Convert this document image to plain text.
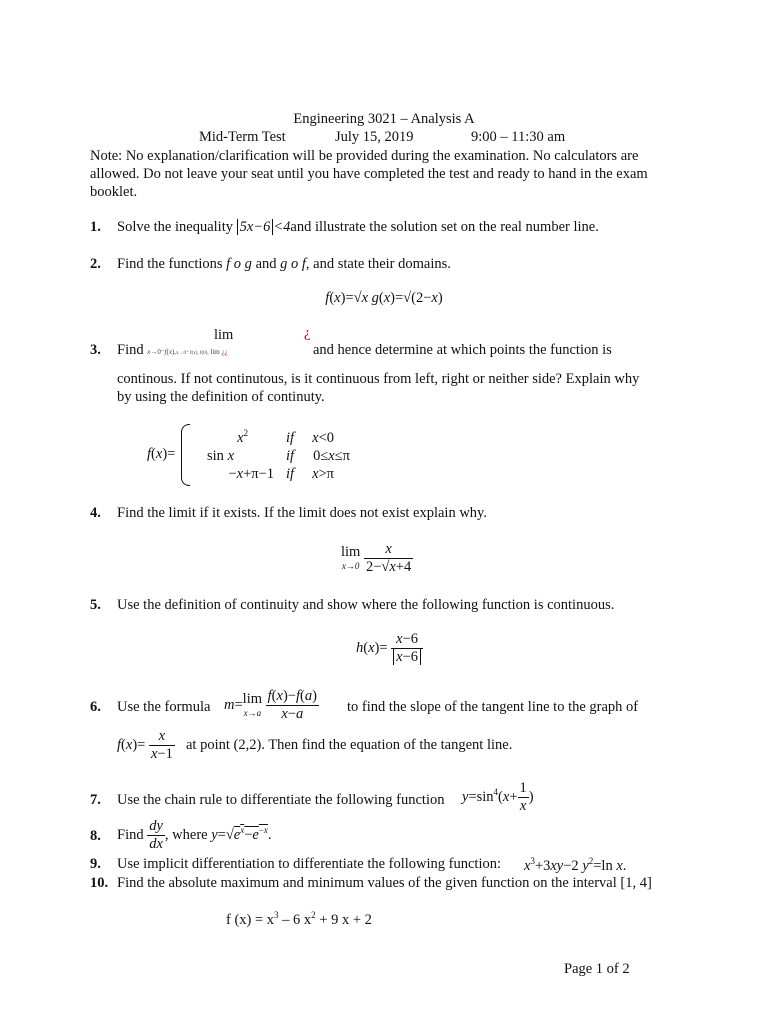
Engineering 3021 – Analysis A
Mid-Term Test	July 15, 2019	9:00 – 11:30 am
Note: No explanation/clarification will be provided during the examination. No calculators are allowed. Do not leave your seat until you have completed the test and ready to hand in the exam booklet.
1. Solve the inequality 5x−6 <4and illustrate the solution set on the real number line.
2. Find the functions f o g and g o f, and state their domains.
f(x)=√x g(x)=√(2−x)
lim	¿
3. Find x→0⁻f(x),x→0⁺ f(x), f(0), lim ¿¿	and hence determine at which points the function is
continous. If not continutous, is it continuous from left, right or neither side? Explain why
by using the definition of continuty.
f(x)=
$x^2$	if x<0
sin x	if 0≤x≤π
−x+π−1 if x>π
4. Find the limit if it exists. If the limit does not exist explain why.
lim
x→0
$\frac{x}{2-√x+4}$
5. Use the definition of continuity and show where the following function is continuous.
$h(x)= \frac{x-6}{x-6}$
6. Use the formula m=lim
x→a
$\frac{f(x)-f(a)}{x-a}$ to find the slope of the tangent line to the graph of
$f(x)= \frac{x}{x-1}$ at point (2,2). Then find the equation of the tangent line.
7. Use the chain rule to differentiate the following function $y=\sin^4(x+ \frac{1}{x}$ )
8. Find $\frac{dy}{dx}$ , where $y=√e^x-e^{-x}$.
9. Use implicit differentiation to differentiate the following function: $x^3+3xy-2$ $y^2=\ln$ x.
10. Find the absolute maximum and minimum values of the given function on the interval [1, 4]
f $(x) = x^3 - 6$ $x^2 + 9$ x + 2
Page 1 of 2
